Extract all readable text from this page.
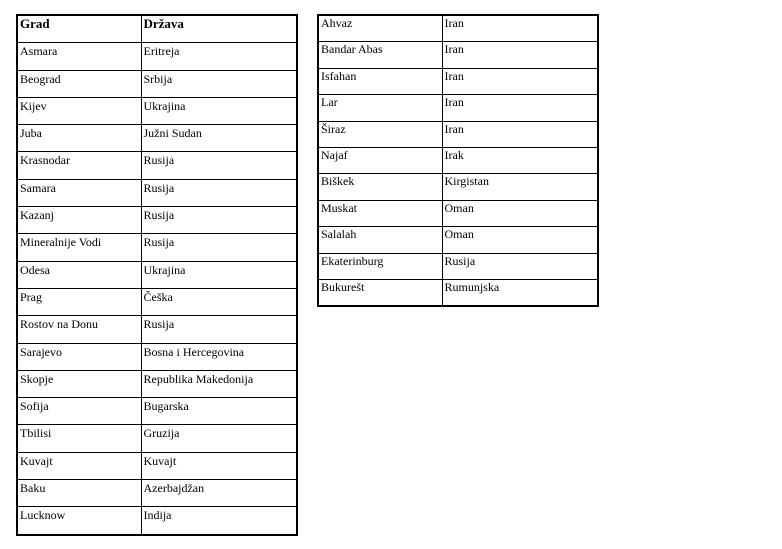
Grad	Država
Asmara	Eritreja
Beograd	Srbija
Kijev	Ukrajina
Juba	Južni Sudan
Krasnodar	Rusija
Samara	Rusija
Kazanj	Rusija
Mineralnije Vodi	Rusija
Odesa	Ukrajina
Prag	Češka
Rostov na Donu	Rusija
Sarajevo	Bosna i Hercegovina
Skopje	Republika Makedonija
Sofija	Bugarska
Tbilisi	Gruzija
Kuvajt	Kuvajt
Baku	Azerbajdžan
Lucknow	Indija
Ahvaz	Iran
Bandar Abas	Iran
Isfahan	Iran
Lar	Iran
Širaz	Iran
Najaf	Irak
Biškek	Kirgistan
Muskat	Oman
Salalah	Oman
Ekaterinburg	Rusija
Bukurešt	Rumunjska
